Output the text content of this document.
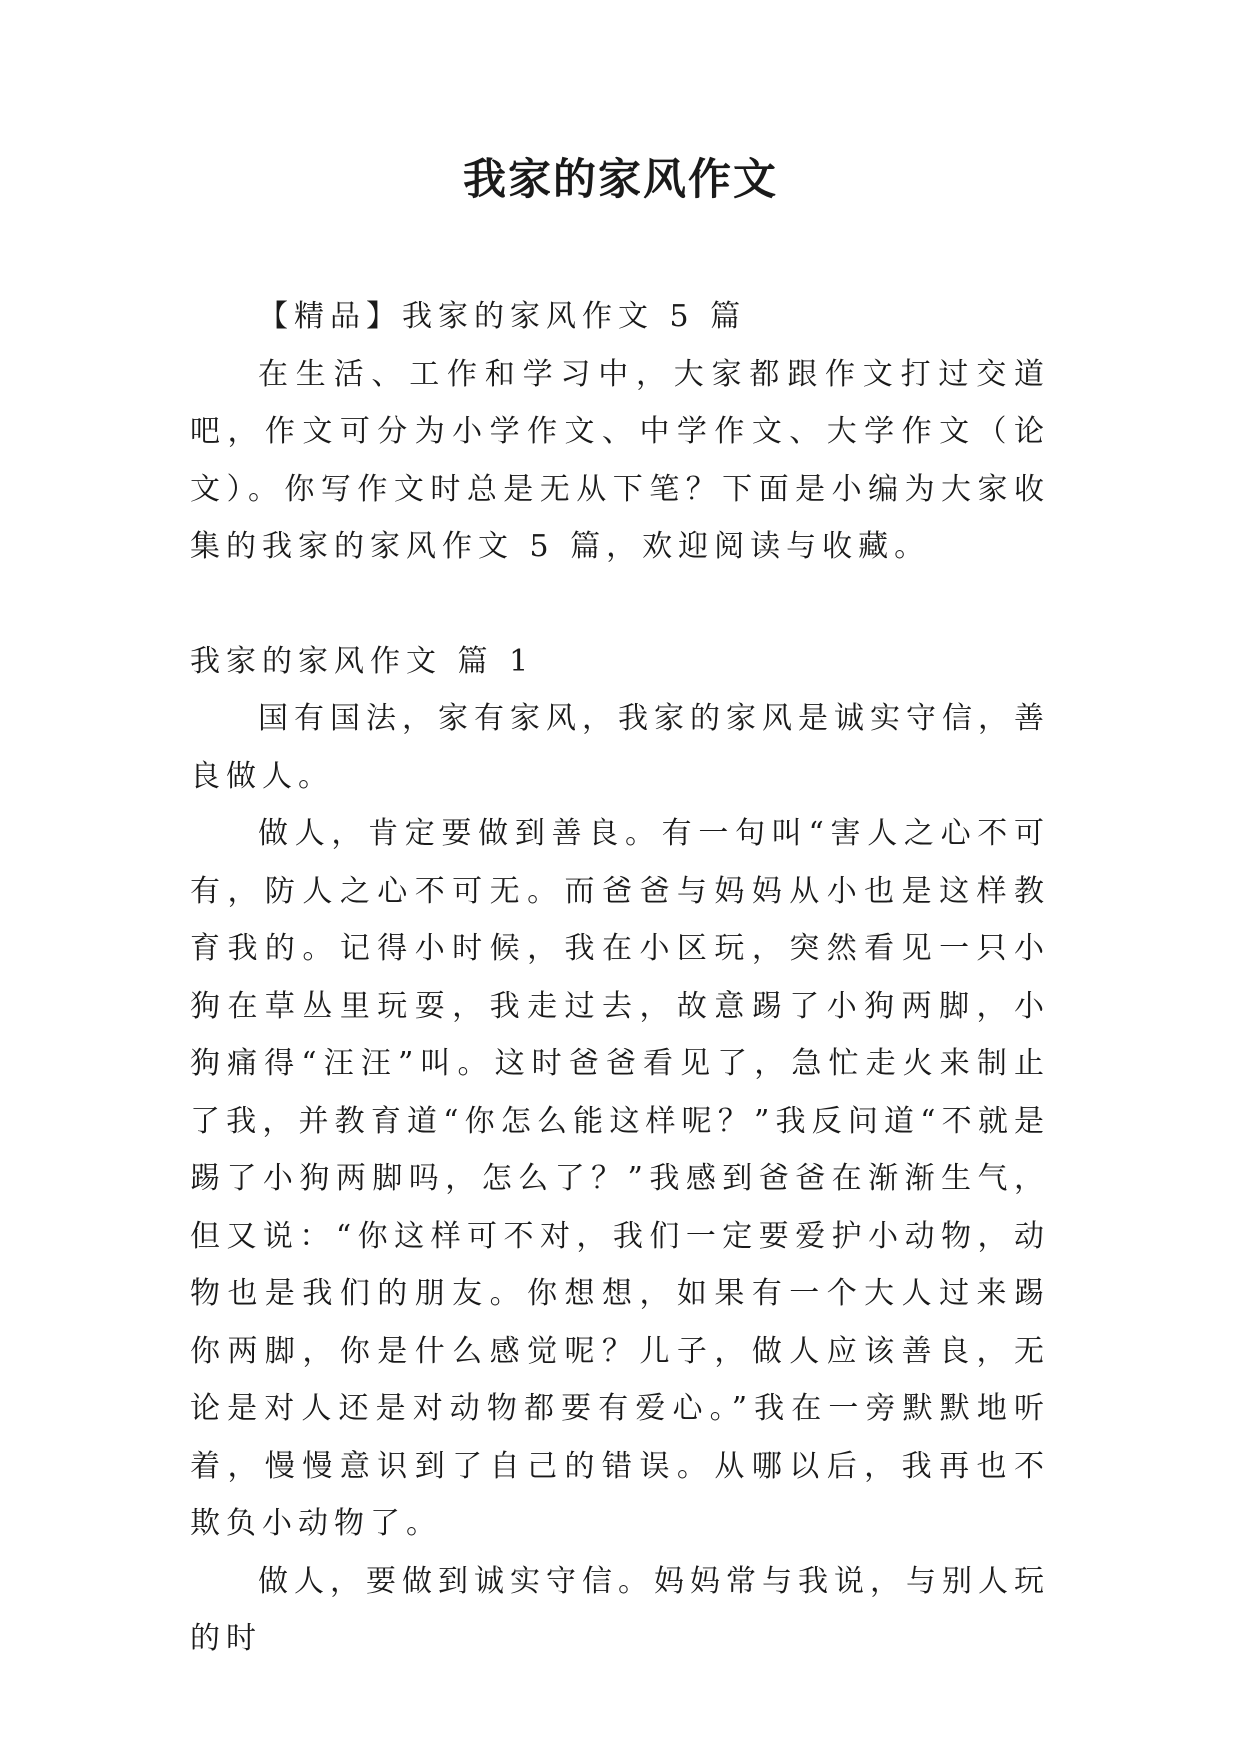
我家的家风作文

【精品】我家的家风作文 5 篇

在生活、工作和学习中，大家都跟作文打过交道吧，作文可分为小学作文、中学作文、大学作文（论文）。你写作文时总是无从下笔？下面是小编为大家收集的我家的家风作文 5 篇，欢迎阅读与收藏。

我家的家风作文 篇 1

国有国法，家有家风，我家的家风是诚实守信，善良做人。

做人，肯定要做到善良。有一句叫“害人之心不可有，防人之心不可无。而爸爸与妈妈从小也是这样教育我的。记得小时候，我在小区玩，突然看见一只小狗在草丛里玩耍，我走过去，故意踢了小狗两脚，小狗痛得“汪汪”叫。这时爸爸看见了，急忙走火来制止了我，并教育道“你怎么能这样呢？”我反问道“不就是踢了小狗两脚吗，怎么了？”我感到爸爸在渐渐生气，但又说：“你这样可不对，我们一定要爱护小动物，动物也是我们的朋友。你想想，如果有一个大人过来踢你两脚，你是什么感觉呢？儿子，做人应该善良，无论是对人还是对动物都要有爱心。”我在一旁默默地听着，慢慢意识到了自己的错误。从哪以后，我再也不欺负小动物了。

做人，要做到诚实守信。妈妈常与我说，与别人玩的时
